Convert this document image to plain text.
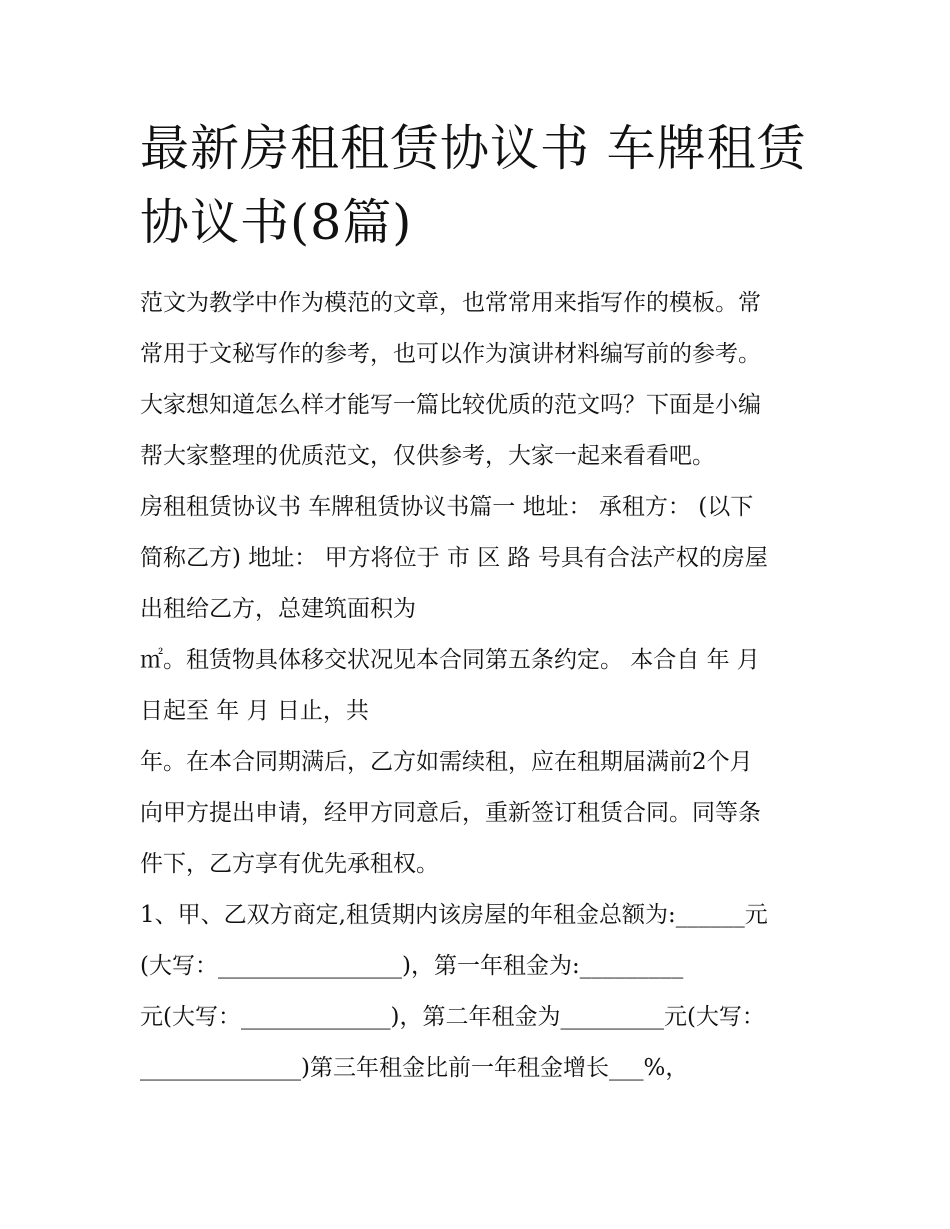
最新房租租赁协议书 车牌租赁
协议书(8篇)
范文为教学中作为模范的文章，也常常用来指写作的模板。常
常用于文秘写作的参考，也可以作为演讲材料编写前的参考。
大家想知道怎么样才能写一篇比较优质的范文吗？下面是小编
帮大家整理的优质范文，仅供参考，大家一起来看看吧。
房租租赁协议书 车牌租赁协议书篇一 地址： 承租方： (以下
简称乙方) 地址： 甲方将位于 市 区 路 号具有合法产权的房屋
出租给乙方，总建筑面积为
㎡。租赁物具体移交状况见本合同第五条约定。 本合自 年 月
日起至 年 月 日止，共
年。在本合同期满后，乙方如需续租，应在租期届满前2个月
向甲方提出申请，经甲方同意后，重新签订租赁合同。同等条
件下，乙方享有优先承租权。
1、甲、乙双方商定,租赁期内该房屋的年租金总额为:______元
(大写：________________)，第一年租金为:_________
元(大写：_____________)，第二年租金为_________元(大写：
______________)第三年租金比前一年租金增长___%，
